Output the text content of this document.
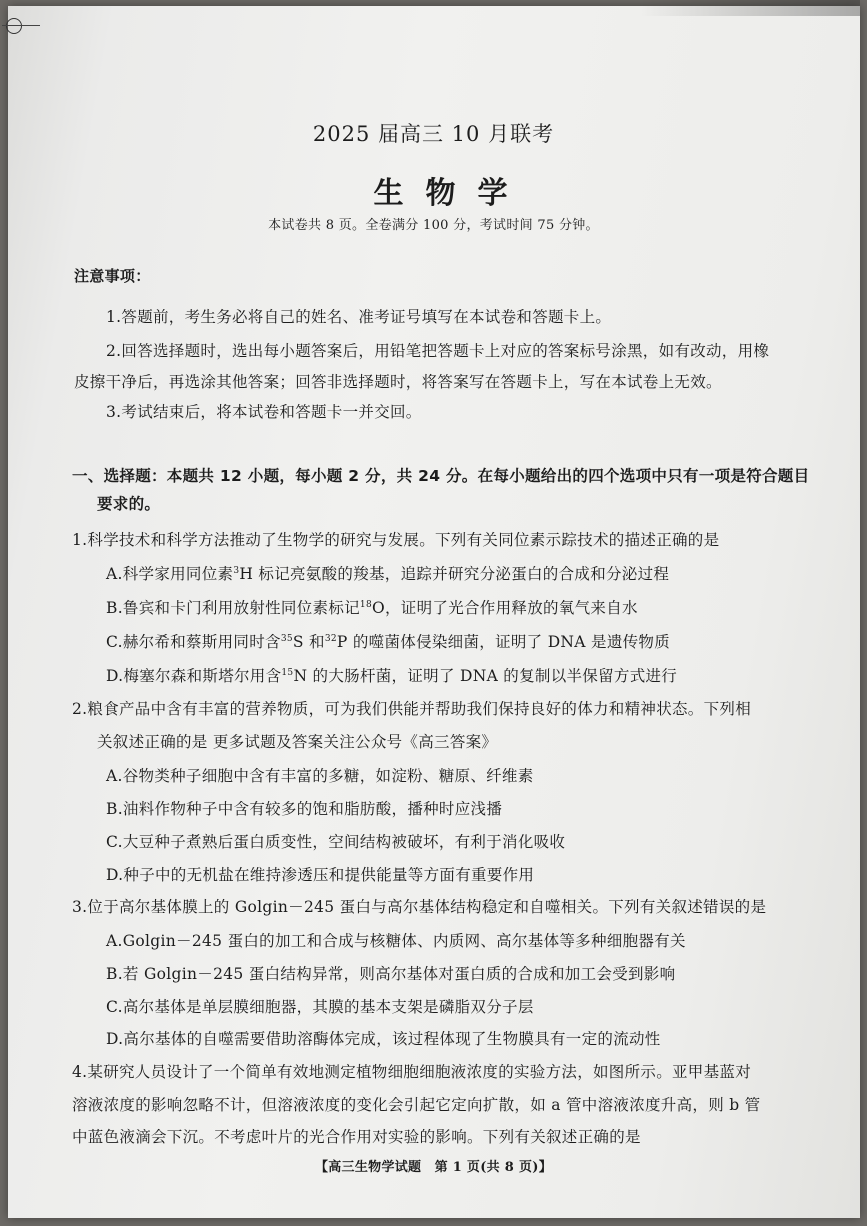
2025 届高三 10 月联考
生物学
本试卷共 8 页。全卷满分 100 分，考试时间 75 分钟。
注意事项：
1.答题前，考生务必将自己的姓名、准考证号填写在本试卷和答题卡上。
2.回答选择题时，选出每小题答案后，用铅笔把答题卡上对应的答案标号涂黑，如有改动，用橡
皮擦干净后，再选涂其他答案；回答非选择题时，将答案写在答题卡上，写在本试卷上无效。
3.考试结束后，将本试卷和答题卡一并交回。
一、选择题：本题共 12 小题，每小题 2 分，共 24 分。在每小题给出的四个选项中只有一项是符合题目
要求的。
1.科学技术和科学方法推动了生物学的研究与发展。下列有关同位素示踪技术的描述正确的是
A.科学家用同位素$^3$H 标记亮氨酸的羧基，追踪并研究分泌蛋白的合成和分泌过程
B.鲁宾和卡门利用放射性同位素标记$^{18}$O，证明了光合作用释放的氧气来自水
C.赫尔希和蔡斯用同时含$^{35}$S 和$^{32}$P 的噬菌体侵染细菌，证明了 DNA 是遗传物质
D.梅塞尔森和斯塔尔用含$^{15}$N 的大肠杆菌，证明了 DNA 的复制以半保留方式进行
2.粮食产品中含有丰富的营养物质，可为我们供能并帮助我们保持良好的体力和精神状态。下列相
关叙述正确的是 更多试题及答案关注公众号《高三答案》
A.谷物类种子细胞中含有丰富的多糖，如淀粉、糖原、纤维素
B.油料作物种子中含有较多的饱和脂肪酸，播种时应浅播
C.大豆种子煮熟后蛋白质变性，空间结构被破坏，有利于消化吸收
D.种子中的无机盐在维持渗透压和提供能量等方面有重要作用
3.位于高尔基体膜上的 Golgin－245 蛋白与高尔基体结构稳定和自噬相关。下列有关叙述错误的是
A.Golgin－245 蛋白的加工和合成与核糖体、内质网、高尔基体等多种细胞器有关
B.若 Golgin－245 蛋白结构异常，则高尔基体对蛋白质的合成和加工会受到影响
C.高尔基体是单层膜细胞器，其膜的基本支架是磷脂双分子层
D.高尔基体的自噬需要借助溶酶体完成，该过程体现了生物膜具有一定的流动性
4.某研究人员设计了一个简单有效地测定植物细胞细胞液浓度的实验方法，如图所示。亚甲基蓝对
溶液浓度的影响忽略不计，但溶液浓度的变化会引起它定向扩散，如 a 管中溶液浓度升高，则 b 管
中蓝色液滴会下沉。不考虑叶片的光合作用对实验的影响。下列有关叙述正确的是
【高三生物学试题　第 1 页(共 8 页)】
